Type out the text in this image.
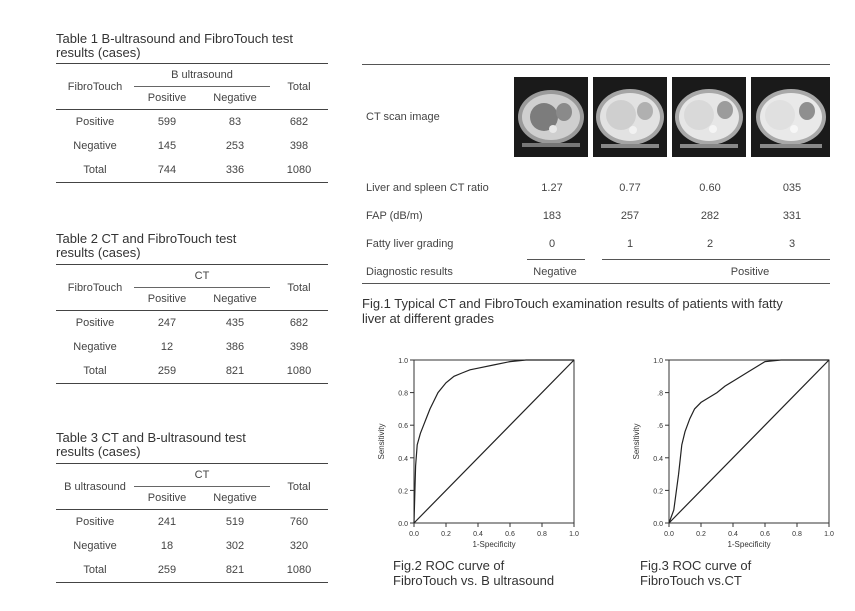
Table 1 B-ultrasound and FibroTouch test
results (cases)
FibroTouch	B ultrasound		Total
	Positive	Negative	
Positive	599	83	682
Negative	145	253	398
Total	744	336	1080
Table 2 CT and FibroTouch test
results (cases)
FibroTouch	CT		Total
	Positive	Negative	
Positive	247	435	682
Negative	12	386	398
Total	259	821	1080
Table 3 CT and B-ultrasound test
results (cases)
B ultrasound	CT		Total
	Positive	Negative	
Positive	241	519	760
Negative	18	302	320
Total	259	821	1080
CT scan image
Liver and spleen CT ratio	1.27	0.77	0.60	035
FAP (dB/m)	183	257	282	331
Fatty liver grading	0	1	2	3
Diagnostic results	Negative	Positive
Fig.1 Typical CT and FibroTouch examination results of patients with fatty
liver at different grades
0.0
0.2
0.4
0.6
0.8
1.0
0.0	0.2	0.4	0.6	0.8	1.0
1-Specificity
Sensitivity
Fig.2 ROC curve of
FibroTouch vs. B ultrasound
1.0
.8
.6
0.4
0.2
0.0
0.0	0.2	0.4	0.6	0.8	1.0
1-Specificity
Sensitivity
Fig.3 ROC curve of
FibroTouch vs.CT
